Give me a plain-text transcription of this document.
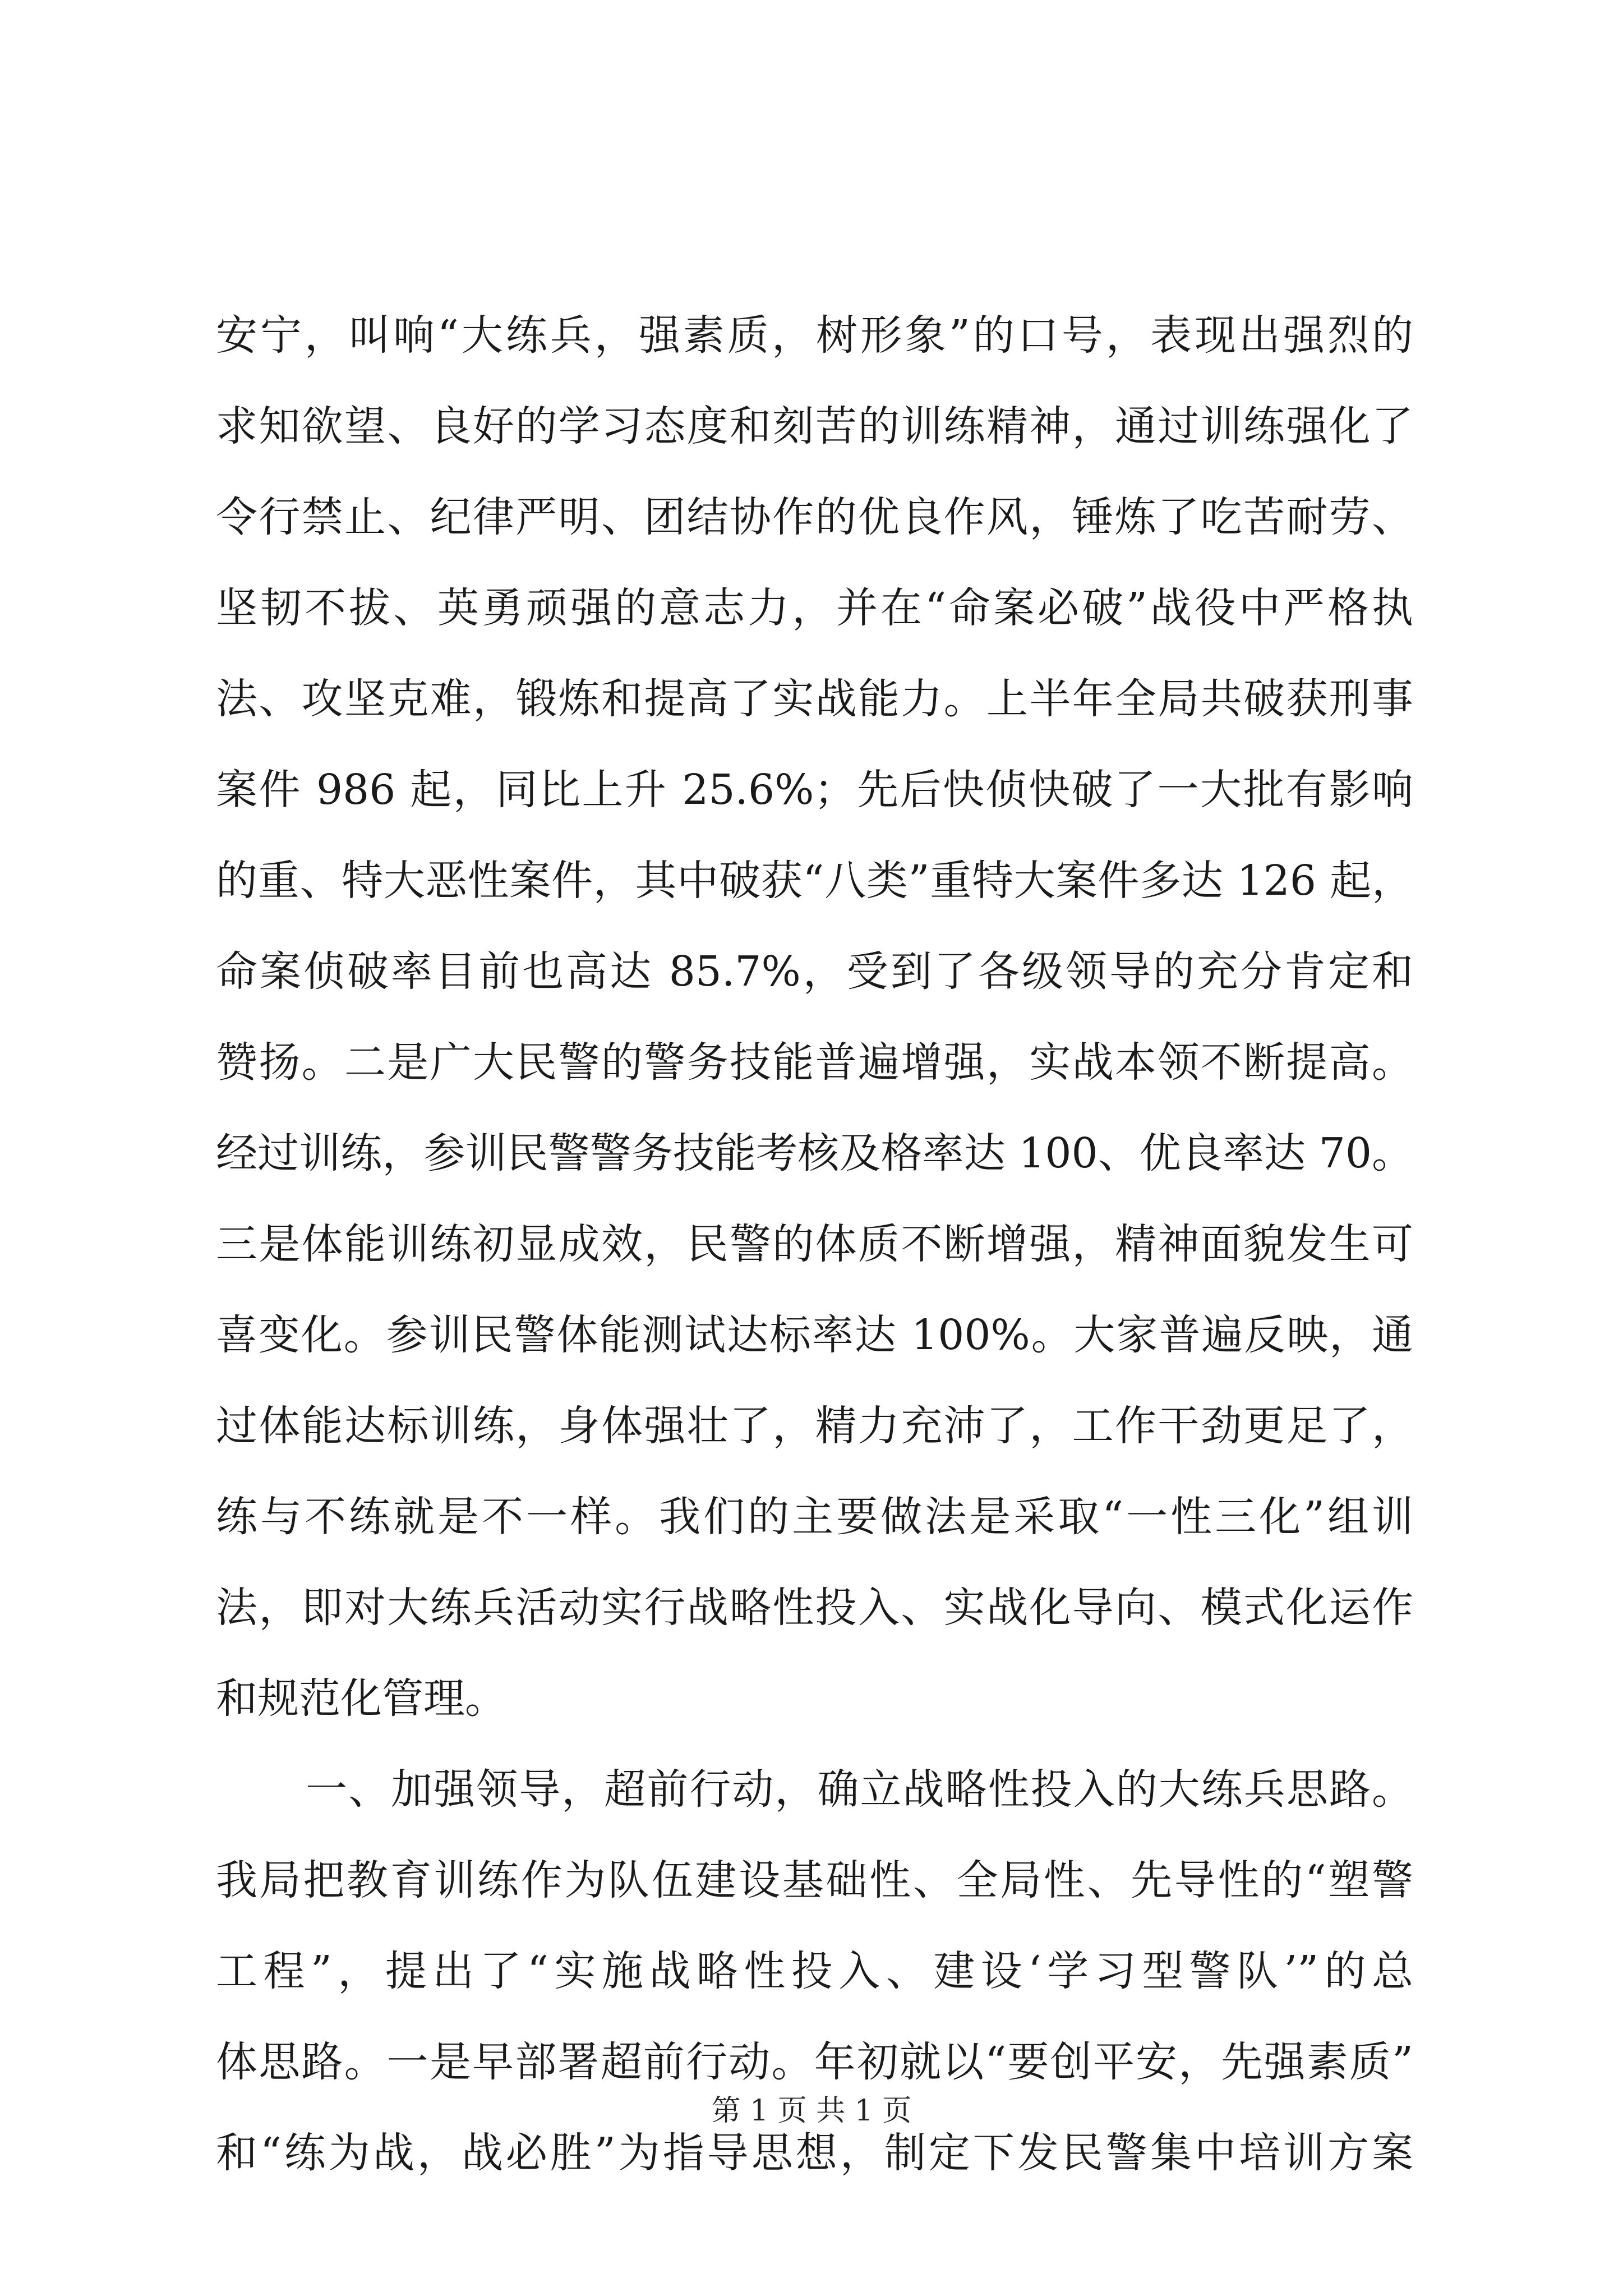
安宁，叫响“大练兵，强素质，树形象”的口号，表现出强烈的
求知欲望、良好的学习态度和刻苦的训练精神，通过训练强化了
令行禁止、纪律严明、团结协作的优良作风，锤炼了吃苦耐劳、
坚韧不拔、英勇顽强的意志力，并在“命案必破”战役中严格执
法、攻坚克难，锻炼和提高了实战能力。上半年全局共破获刑事
案件 986 起，同比上升 25.6%；先后快侦快破了一大批有影响
的重、特大恶性案件，其中破获“八类”重特大案件多达 126 起，
命案侦破率目前也高达 85.7%，受到了各级领导的充分肯定和
赞扬。二是广大民警的警务技能普遍增强，实战本领不断提高。
经过训练，参训民警警务技能考核及格率达 100、优良率达 70。
三是体能训练初显成效，民警的体质不断增强，精神面貌发生可
喜变化。参训民警体能测试达标率达 100%。大家普遍反映，通
过体能达标训练，身体强壮了，精力充沛了，工作干劲更足了，
练与不练就是不一样。我们的主要做法是采取“一性三化”组训
法，即对大练兵活动实行战略性投入、实战化导向、模式化运作
和规范化管理。
一、加强领导，超前行动，确立战略性投入的大练兵思路。
我局把教育训练作为队伍建设基础性、全局性、先导性的“塑警
工程”，提出了“实施战略性投入、建设‘学习型警队’”的总
体思路。一是早部署超前行动。年初就以“要创平安，先强素质”
和“练为战，战必胜”为指导思想，制定下发民警集中培训方案
第 1 页 共 1 页
